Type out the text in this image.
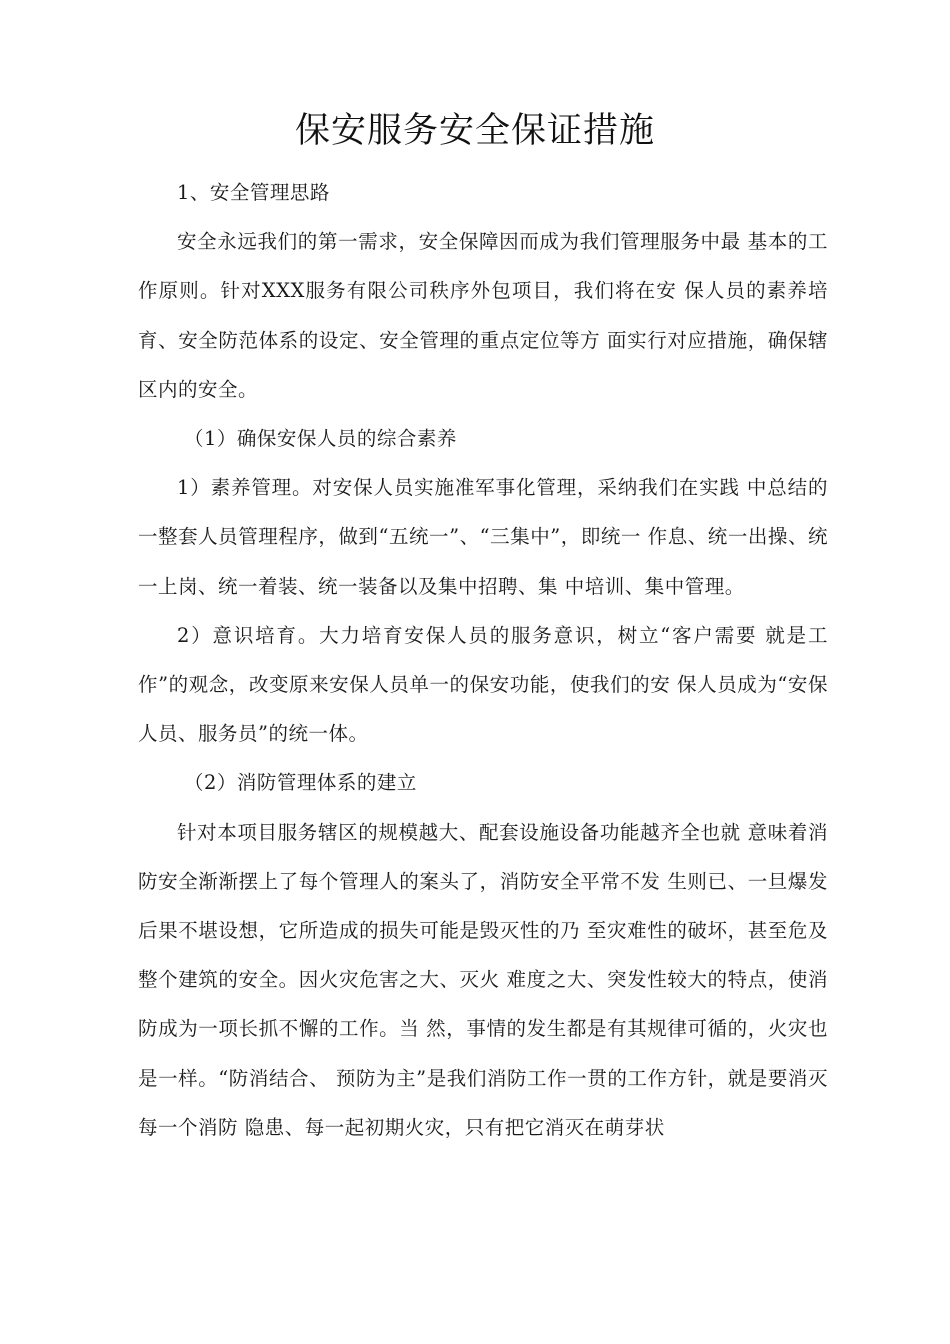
保安服务安全保证措施

1、安全管理思路

安全永远我们的第一需求，安全保障因而成为我们管理服务中最 基本的工作原则。针对XXX服务有限公司秩序外包项目，我们将在安 保人员的素养培育、安全防范体系的设定、安全管理的重点定位等方 面实行对应措施，确保辖区内的安全。

（1）确保安保人员的综合素养

1）素养管理。对安保人员实施准军事化管理，采纳我们在实践 中总结的一整套人员管理程序，做到“五统一”、“三集中”，即统一 作息、统一出操、统一上岗、统一着装、统一装备以及集中招聘、集 中培训、集中管理。

2）意识培育。大力培育安保人员的服务意识，树立“客户需要 就是工作”的观念，改变原来安保人员单一的保安功能，使我们的安 保人员成为“安保人员、服务员”的统一体。

（2）消防管理体系的建立

针对本项目服务辖区的规模越大、配套设施设备功能越齐全也就 意味着消防安全渐渐摆上了每个管理人的案头了，消防安全平常不发 生则已、一旦爆发后果不堪设想，它所造成的损失可能是毁灭性的乃 至灾难性的破坏，甚至危及整个建筑的安全。因火灾危害之大、灭火 难度之大、突发性较大的特点，使消防成为一项长抓不懈的工作。当 然，事情的发生都是有其规律可循的，火灾也是一样。“防消结合、 预防为主”是我们消防工作一贯的工作方针，就是要消灭每一个消防 隐患、每一起初期火灾，只有把它消灭在萌芽状
